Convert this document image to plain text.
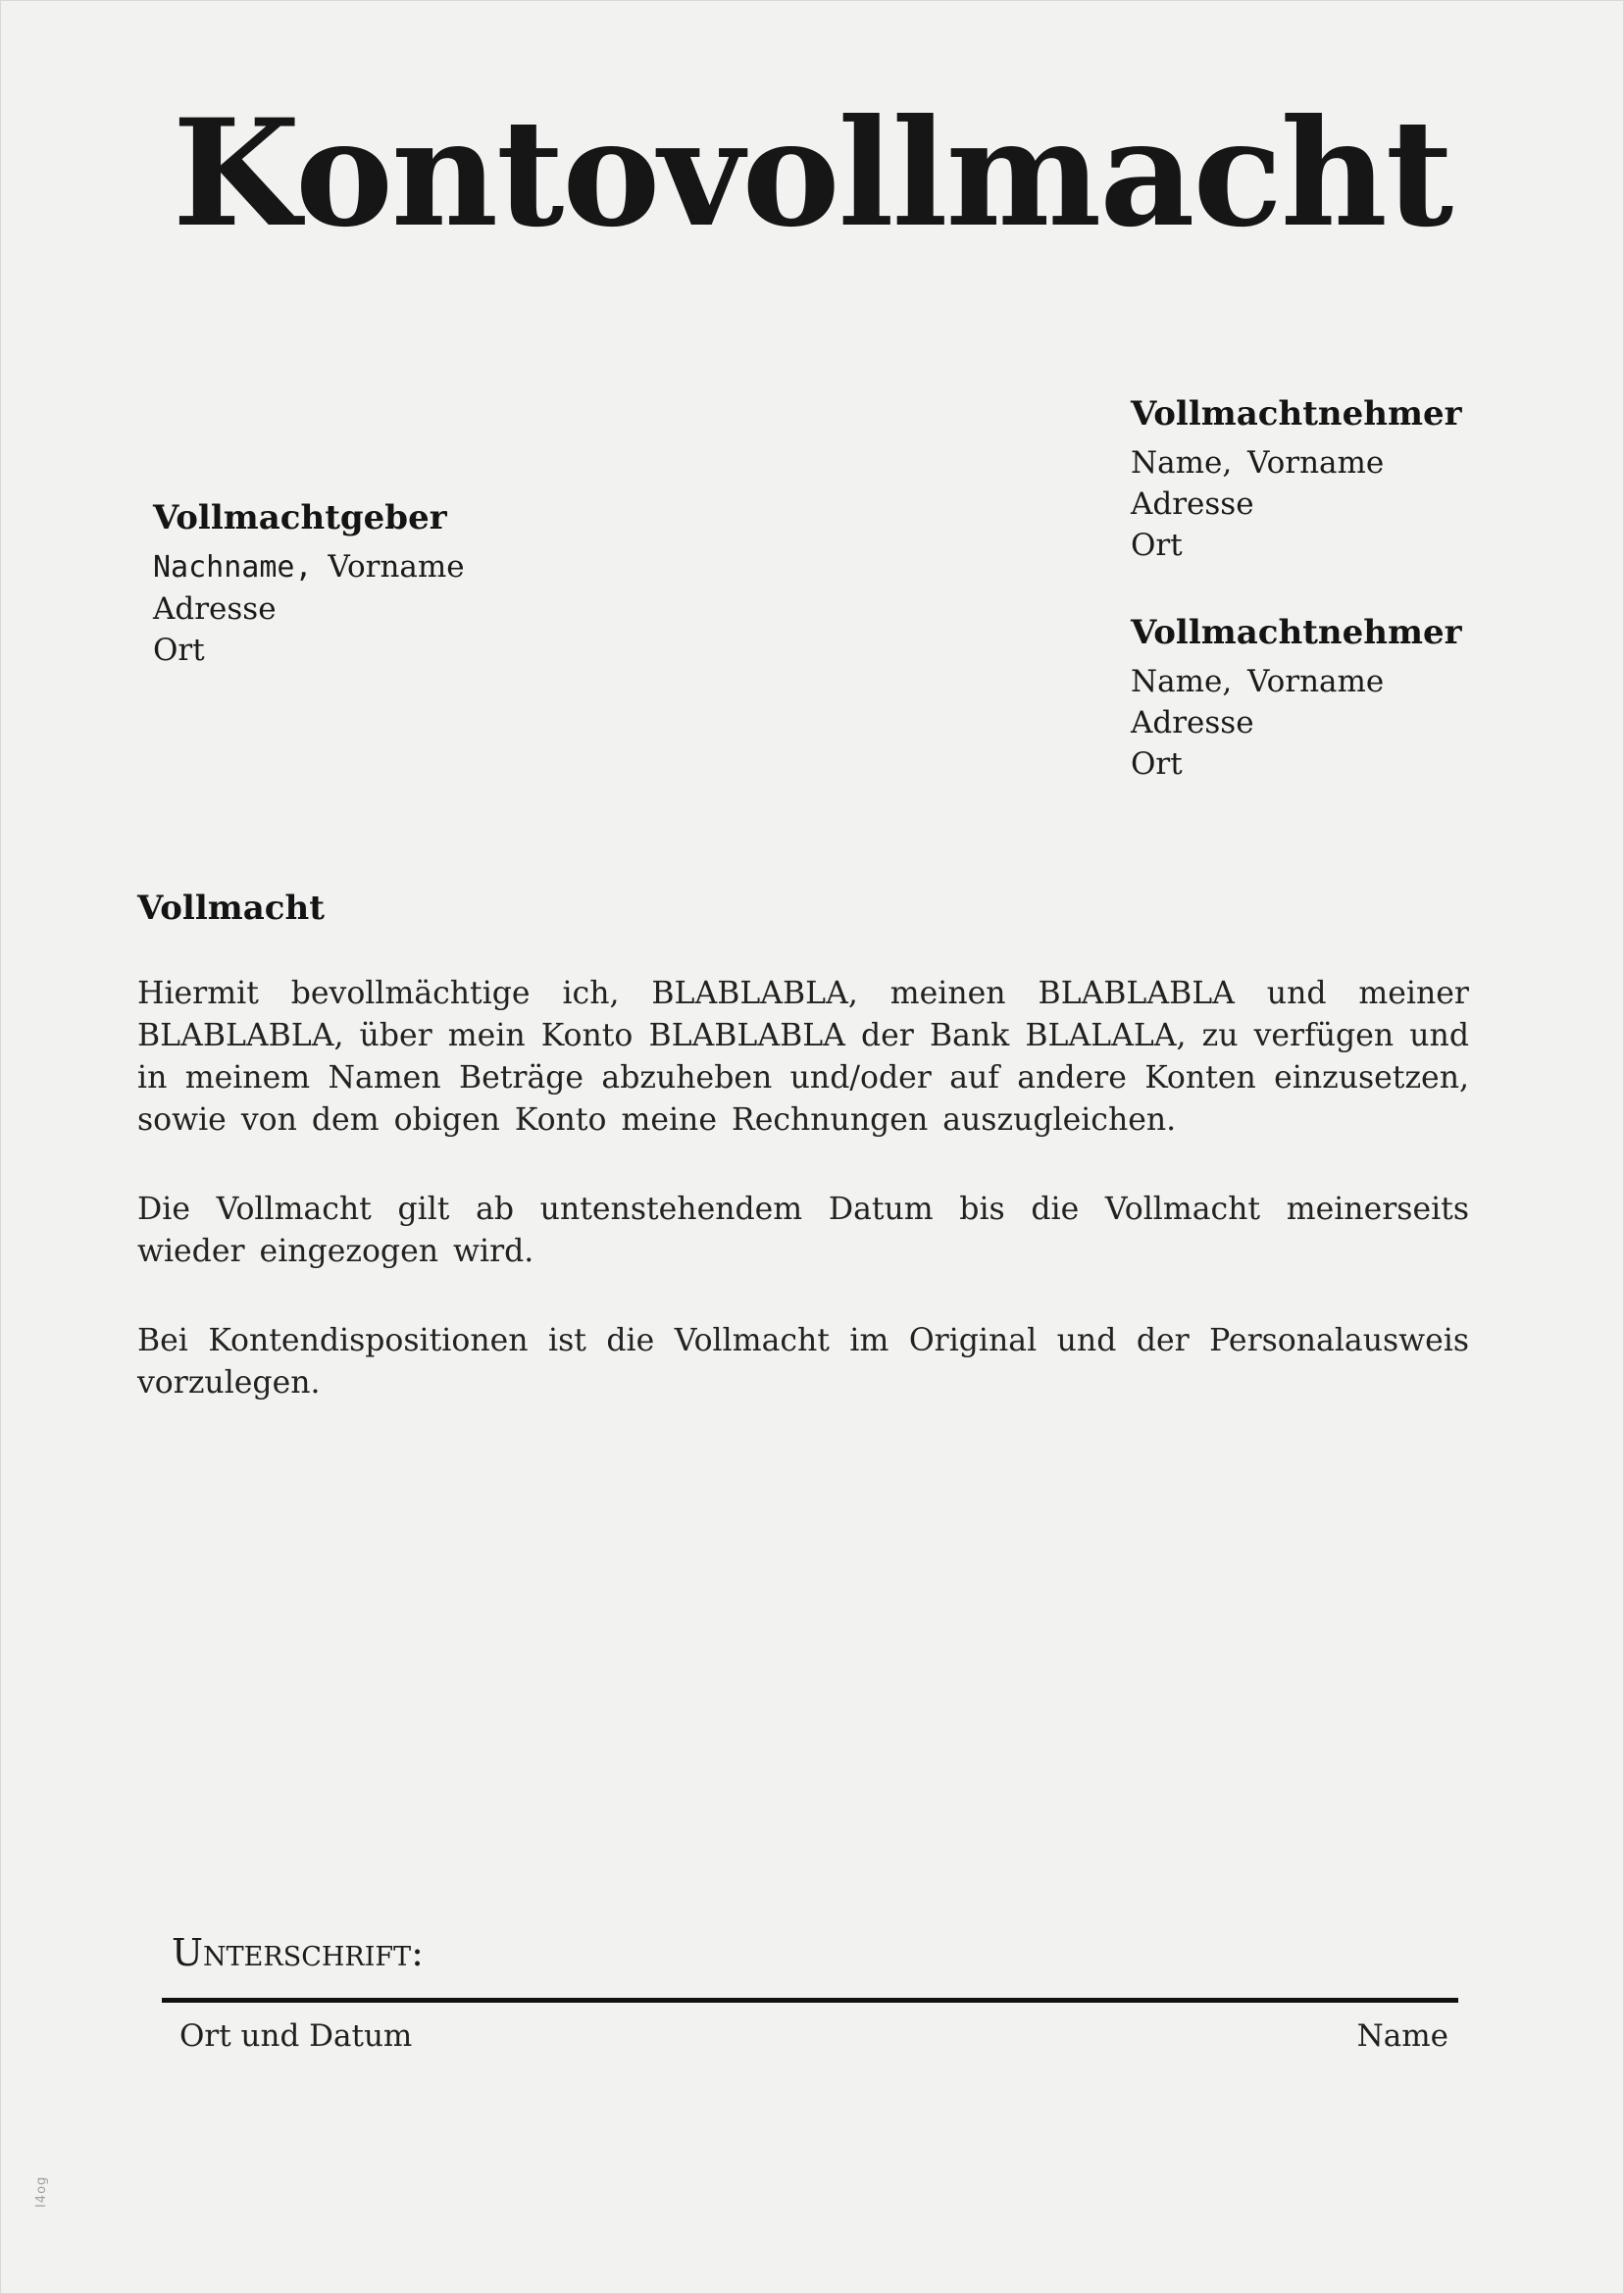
Kontovollmacht
Vollmachtnehmer
Name, Vorname
Adresse
Ort
Vollmachtgeber
Nachname, Vorname
Adresse
Ort	Vollmachtnehmer
Name, Vorname
Adresse
Ort
Vollmacht

Hiermit bevollmächtige ich, BLABLABLA, meinen BLABLABLA und meiner BLABLABLA, über mein Konto BLABLABLA der Bank BLALALA, zu verfügen und in meinem Namen Beträge abzuheben und/oder auf andere Konten einzusetzen, sowie von dem obigen Konto meine Rechnungen auszugleichen.

Die Vollmacht gilt ab untenstehendem Datum bis die Vollmacht meinerseits wieder eingezogen wird.

Bei Kontendispositionen ist die Vollmacht im Original und der Personalausweis vorzulegen.

Unterschrift:
Ort und Datum	Name
I4og
